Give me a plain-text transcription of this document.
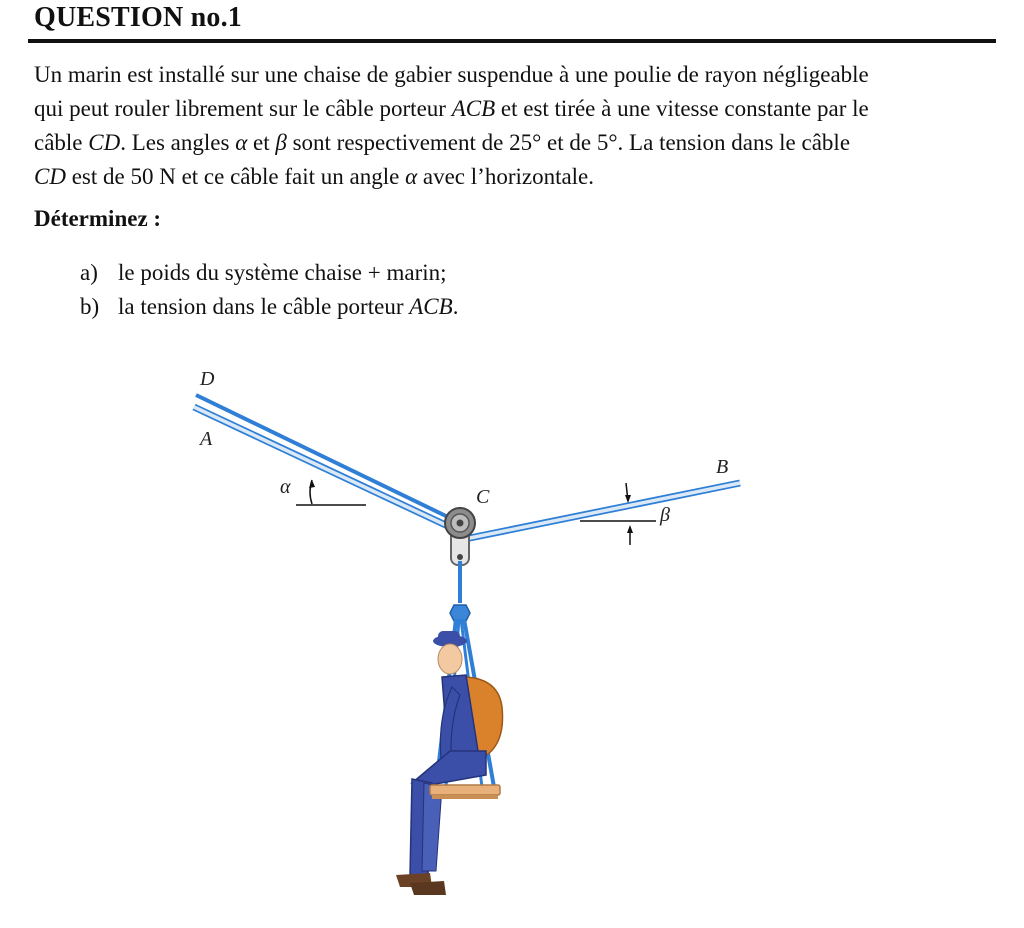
QUESTION no.1
Un marin est installé sur une chaise de gabier suspendue à une poulie de rayon négligeable
qui peut rouler librement sur le câble porteur ACB et est tirée à une vitesse constante par le
câble CD. Les angles α et β sont respectivement de 25° et de 5°. La tension dans le câble
CD est de 50 N et ce câble fait un angle α avec l’horizontale.
Déterminez :
a) le poids du système chaise + marin;
b) la tension dans le câble porteur ACB.
D
A
C
B
α
β
